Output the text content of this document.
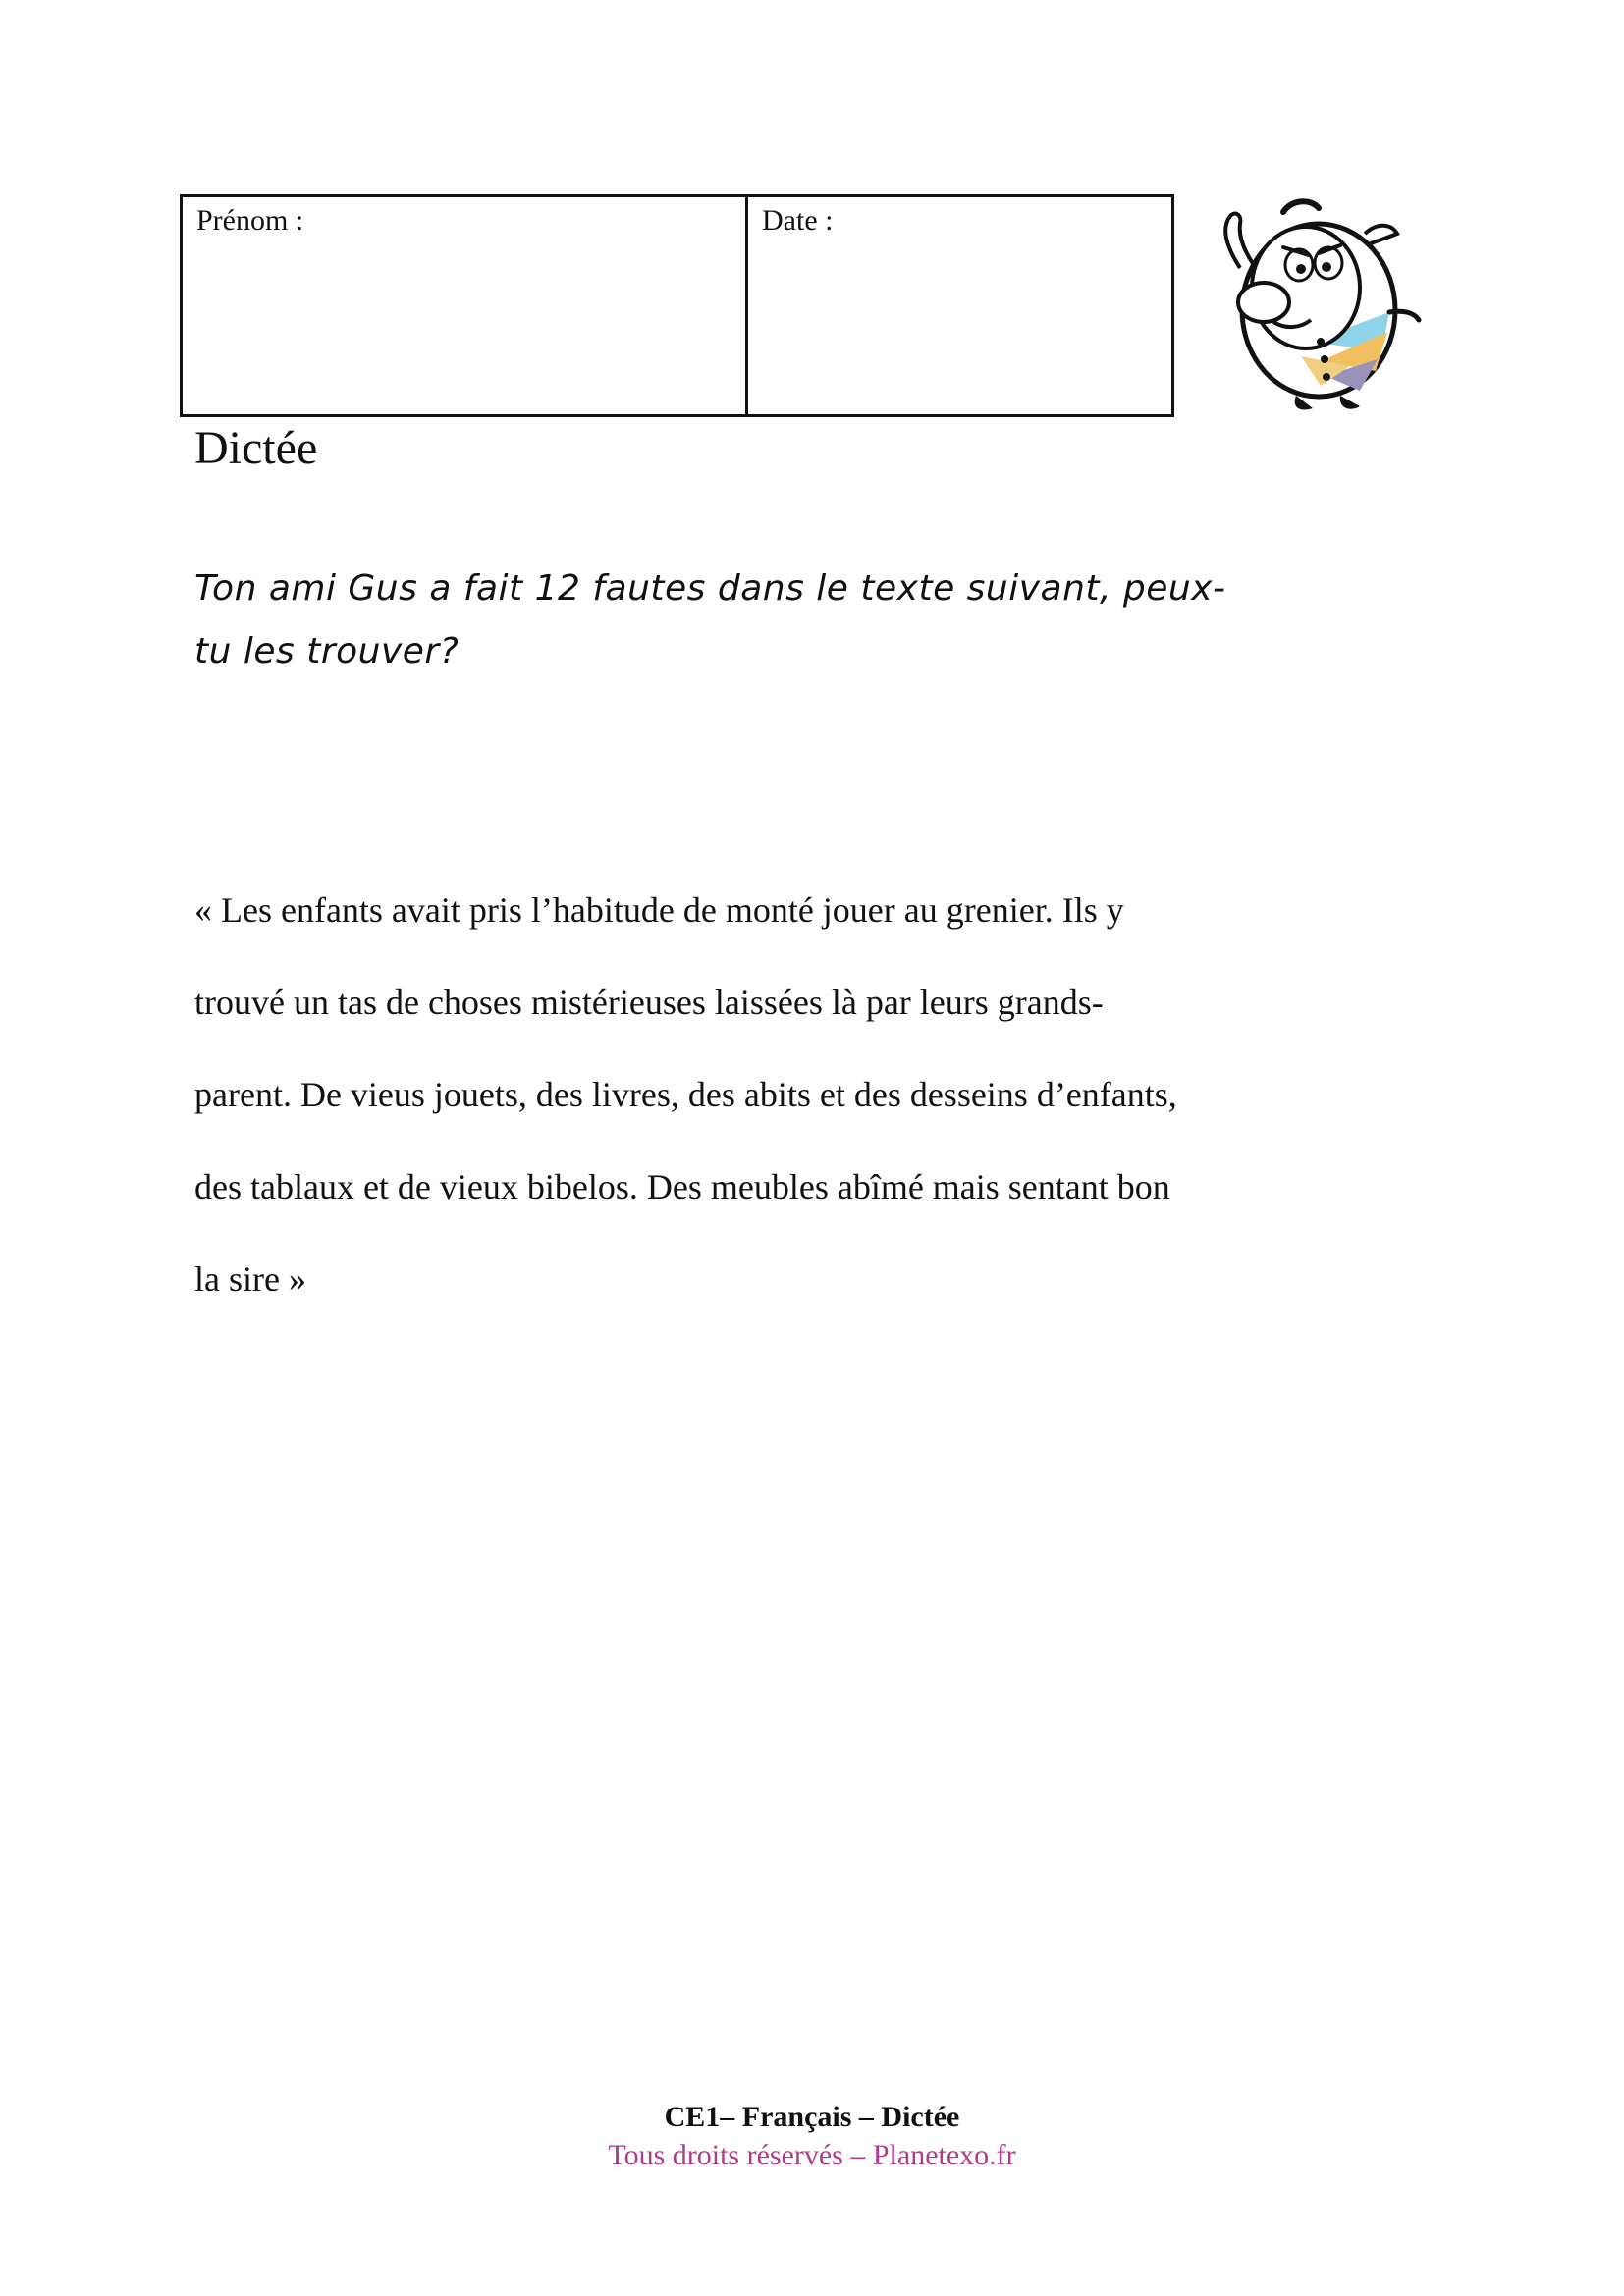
Prénom :	Date :
Dictée
Ton ami Gus a fait 12 fautes dans le texte suivant, peux-
tu les trouver?
« Les enfants avait pris l’habitude de monté jouer au grenier. Ils y
trouvé un tas de choses mistérieuses laissées là par leurs grands-
parent. De vieus jouets, des livres, des abits et des desseins d’enfants,
des tablaux et de vieux bibelos. Des meubles abîmé mais sentant bon
la sire »
CE1– Français – Dictée
Tous droits réservés – Planetexo.fr
